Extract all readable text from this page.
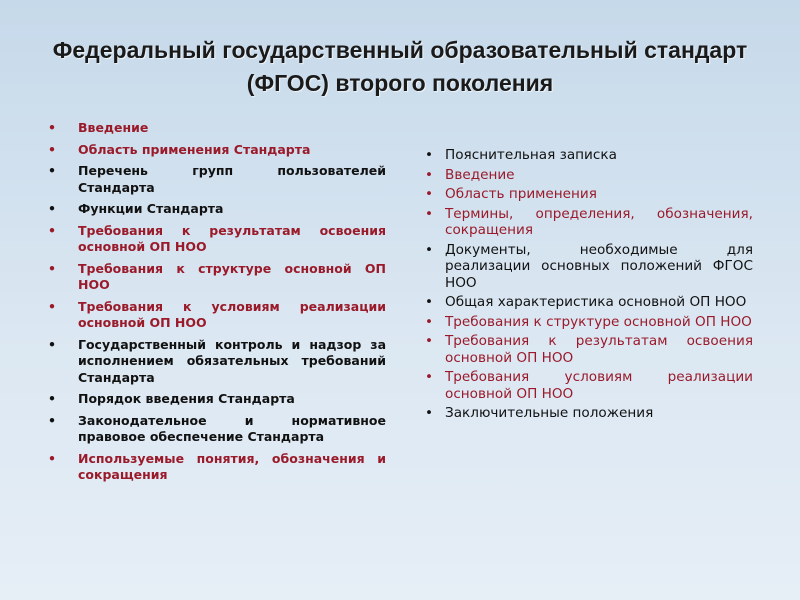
Федеральный государственный образовательный стандарт (ФГОС) второго поколения
• Введение
• Область применения Стандарта
• Перечень групп пользователей Стандарта
• Функции Стандарта
• Требования к результатам освоения основной ОП НОО
• Требования к структуре основной ОП НОО
• Требования к условиям реализации основной ОП НОО
• Государственный контроль и надзор за исполнением обязательных требований Стандарта
• Порядок введения Стандарта
• Законодательное и нормативное правовое обеспечение Стандарта
• Используемые понятия, обозначения и сокращения
• Пояснительная записка
• Введение
• Область применения
• Термины, определения, обозначения, сокращения
• Документы, необходимые для реализации основных положений ФГОС НОО
• Общая характеристика основной ОП НОО
• Требования к структуре основной ОП НОО
• Требования к результатам освоения основной ОП НОО
• Требования условиям реализации основной ОП НОО
• Заключительные положения
